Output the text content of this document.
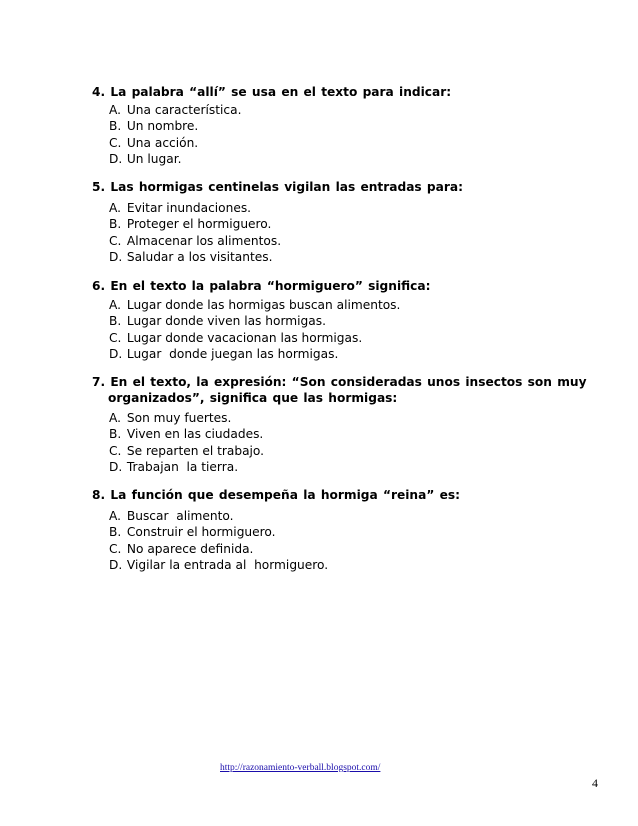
4. La palabra “allí” se usa en el texto para indicar:

A. Una característica.
B. Un nombre.
C. Una acción.
D. Un lugar.

5. Las hormigas centinelas vigilan las entradas para:

A. Evitar inundaciones.
B. Proteger el hormiguero.
C. Almacenar los alimentos.
D. Saludar a los visitantes.

6. En el texto la palabra “hormiguero” significa:

A. Lugar donde las hormigas buscan alimentos.
B. Lugar donde viven las hormigas.
C. Lugar donde vacacionan las hormigas.
D. Lugar  donde juegan las hormigas.

7. En el texto, la expresión: “Son consideradas unos insectos son muy
organizados”, significa que las hormigas:

A. Son muy fuertes.
B. Viven en las ciudades.
C. Se reparten el trabajo.
D. Trabajan  la tierra.

8. La función que desempeña la hormiga “reina” es:

A. Buscar  alimento.
B. Construir el hormiguero.
C. No aparece definida.
D. Vigilar la entrada al  hormiguero.
http://razonamiento-verball.blogspot.com/
4
